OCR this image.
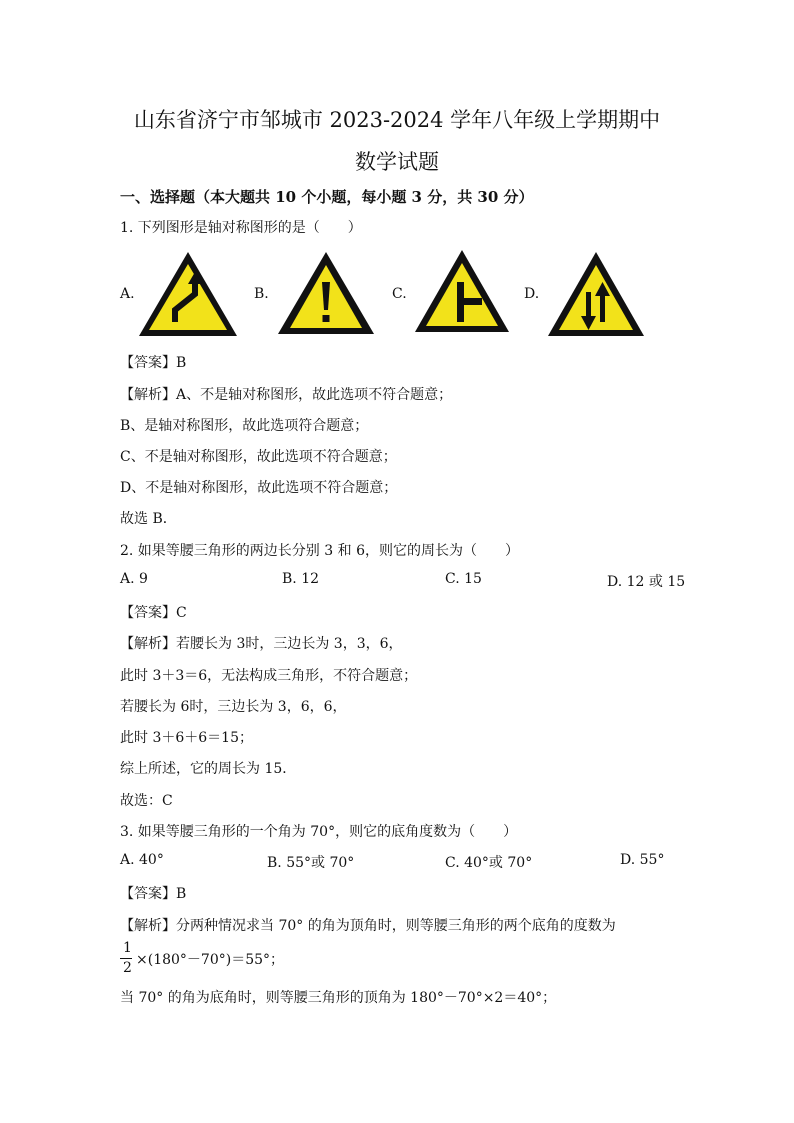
山东省济宁市邹城市 2023-2024 学年八年级上学期期中
数学试题
一、选择题（本大题共 10 个小题，每小题 3 分，共 30 分）
1. 下列图形是轴对称图形的是（　　）
A.	B.	C.	D.
【答案】B
【解析】A、不是轴对称图形，故此选项不符合题意；
B、是轴对称图形，故此选项符合题意；
C、不是轴对称图形，故此选项不符合题意；
D、不是轴对称图形，故此选项不符合题意；
故选 B．
2. 如果等腰三角形的两边长分别 3 和 6，则它的周长为（　　）
A. 9	B. 12	C. 15	D. 12 或 15
【答案】C
【解析】若腰长为 3时，三边长为 3，3，6，
此时 3＋3＝6，无法构成三角形，不符合题意；
若腰长为 6时，三边长为 3，6，6，
此时 3＋6＋6＝15；
综上所述，它的周长为 15．
故选：C
3. 如果等腰三角形的一个角为 70°，则它的底角度数为（　　）
A. 40°	B. 55°或 70°	C. 40°或 70°	D. 55°
【答案】B
【解析】分两种情况求当 70° 的角为顶角时，则等腰三角形的两个底角的度数为
1
2 ×(180°－70°)＝55°；
当 70° 的角为底角时，则等腰三角形的顶角为 180°－70°×2＝40°；
